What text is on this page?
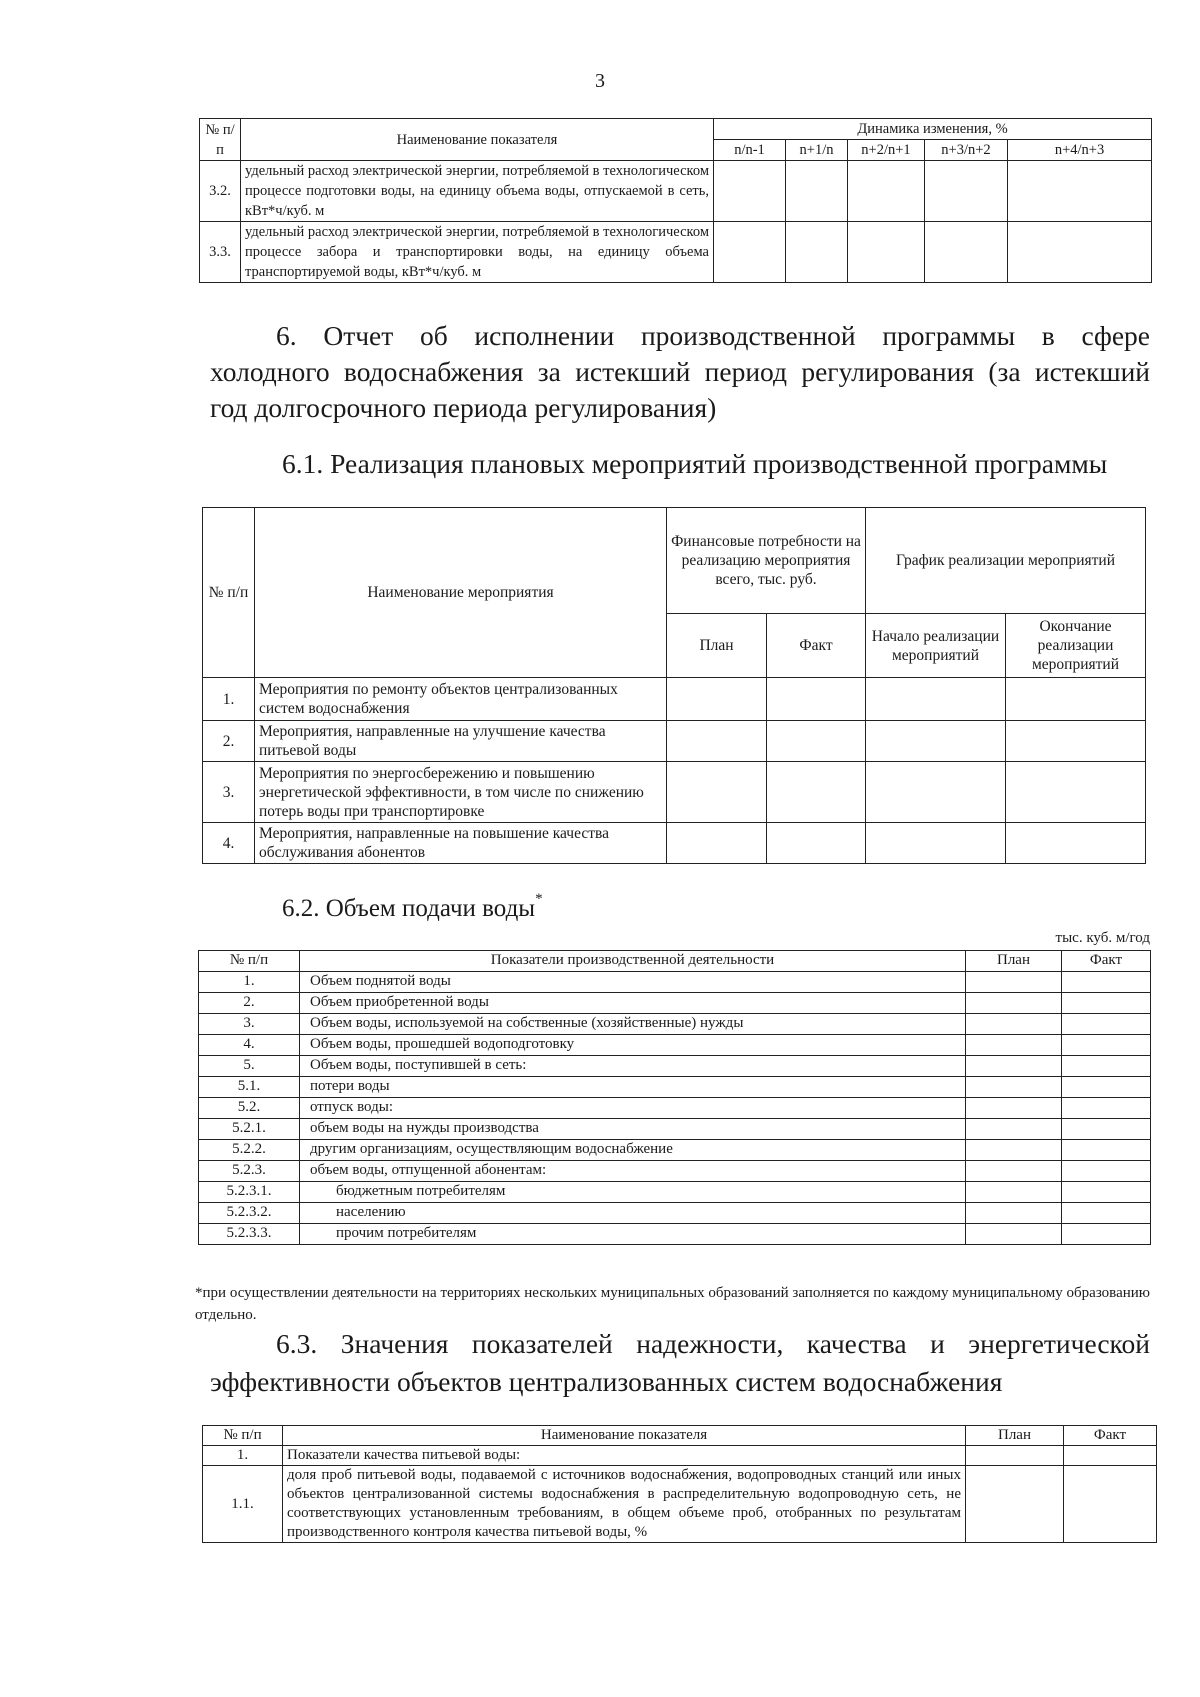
3
№ п/п	Наименование показателя	Динамика изменения, %				
		n/n-1	n+1/n	n+2/n+1	n+3/n+2	n+4/n+3
3.2.	удельный расход электрической энергии, потребляемой в технологическом процессе подготовки воды, на единицу объема воды, отпускаемой в сеть, кВт*ч/куб. м					
3.3.	удельный расход электрической энергии, потребляемой в технологическом процессе забора и транспортировки воды, на единицу объема транспортируемой воды, кВт*ч/куб. м					
6. Отчет об исполнении производственной программы в сфере
холодного водоснабжения за истекший период регулирования (за истекший
год долгосрочного периода регулирования)
6.1. Реализация плановых мероприятий производственной программы
№ п/п	Наименование мероприятия	Финансовые потребности на реализацию мероприятия всего, тыс. руб.		График реализации мероприятий	
		План	Факт	Начало реализации мероприятий	Окончание реализации мероприятий
1.	Мероприятия по ремонту объектов централизованных систем водоснабжения				
2.	Мероприятия, направленные на улучшение качества питьевой воды				
3.	Мероприятия по энергосбережению и повышению энергетической эффективности, в том числе по снижению потерь воды при транспортировке				
4.	Мероприятия, направленные на повышение качества обслуживания абонентов				
6.2. Объем подачи воды*
тыс. куб. м/год
№ п/п	Показатели производственной деятельности	План	Факт
1.	Объем поднятой воды		
2.	Объем приобретенной воды		
3.	Объем воды, используемой на собственные (хозяйственные) нужды		
4.	Объем воды, прошедшей водоподготовку		
5.	Объем воды, поступившей в сеть:		
5.1.	потери воды		
5.2.	отпуск воды:		
5.2.1.	объем воды на нужды производства		
5.2.2.	другим организациям, осуществляющим водоснабжение		
5.2.3.	объем воды, отпущенной абонентам:		
5.2.3.1.	бюджетным потребителям		
5.2.3.2.	населению		
5.2.3.3.	прочим потребителям		
*при осуществлении деятельности на территориях нескольких муниципальных образований заполняется по каждому муниципальному образованию отдельно.
6.3. Значения показателей надежности, качества и энергетической
эффективности объектов централизованных систем водоснабжения
№ п/п	Наименование показателя	План	Факт
1.	Показатели качества питьевой воды:		
1.1.	доля проб питьевой воды, подаваемой с источников водоснабжения, водопроводных станций или иных объектов централизованной системы водоснабжения в распределительную водопроводную сеть, не соответствующих установленным требованиям, в общем объеме проб, отобранных по результатам производственного контроля качества питьевой воды, %		
